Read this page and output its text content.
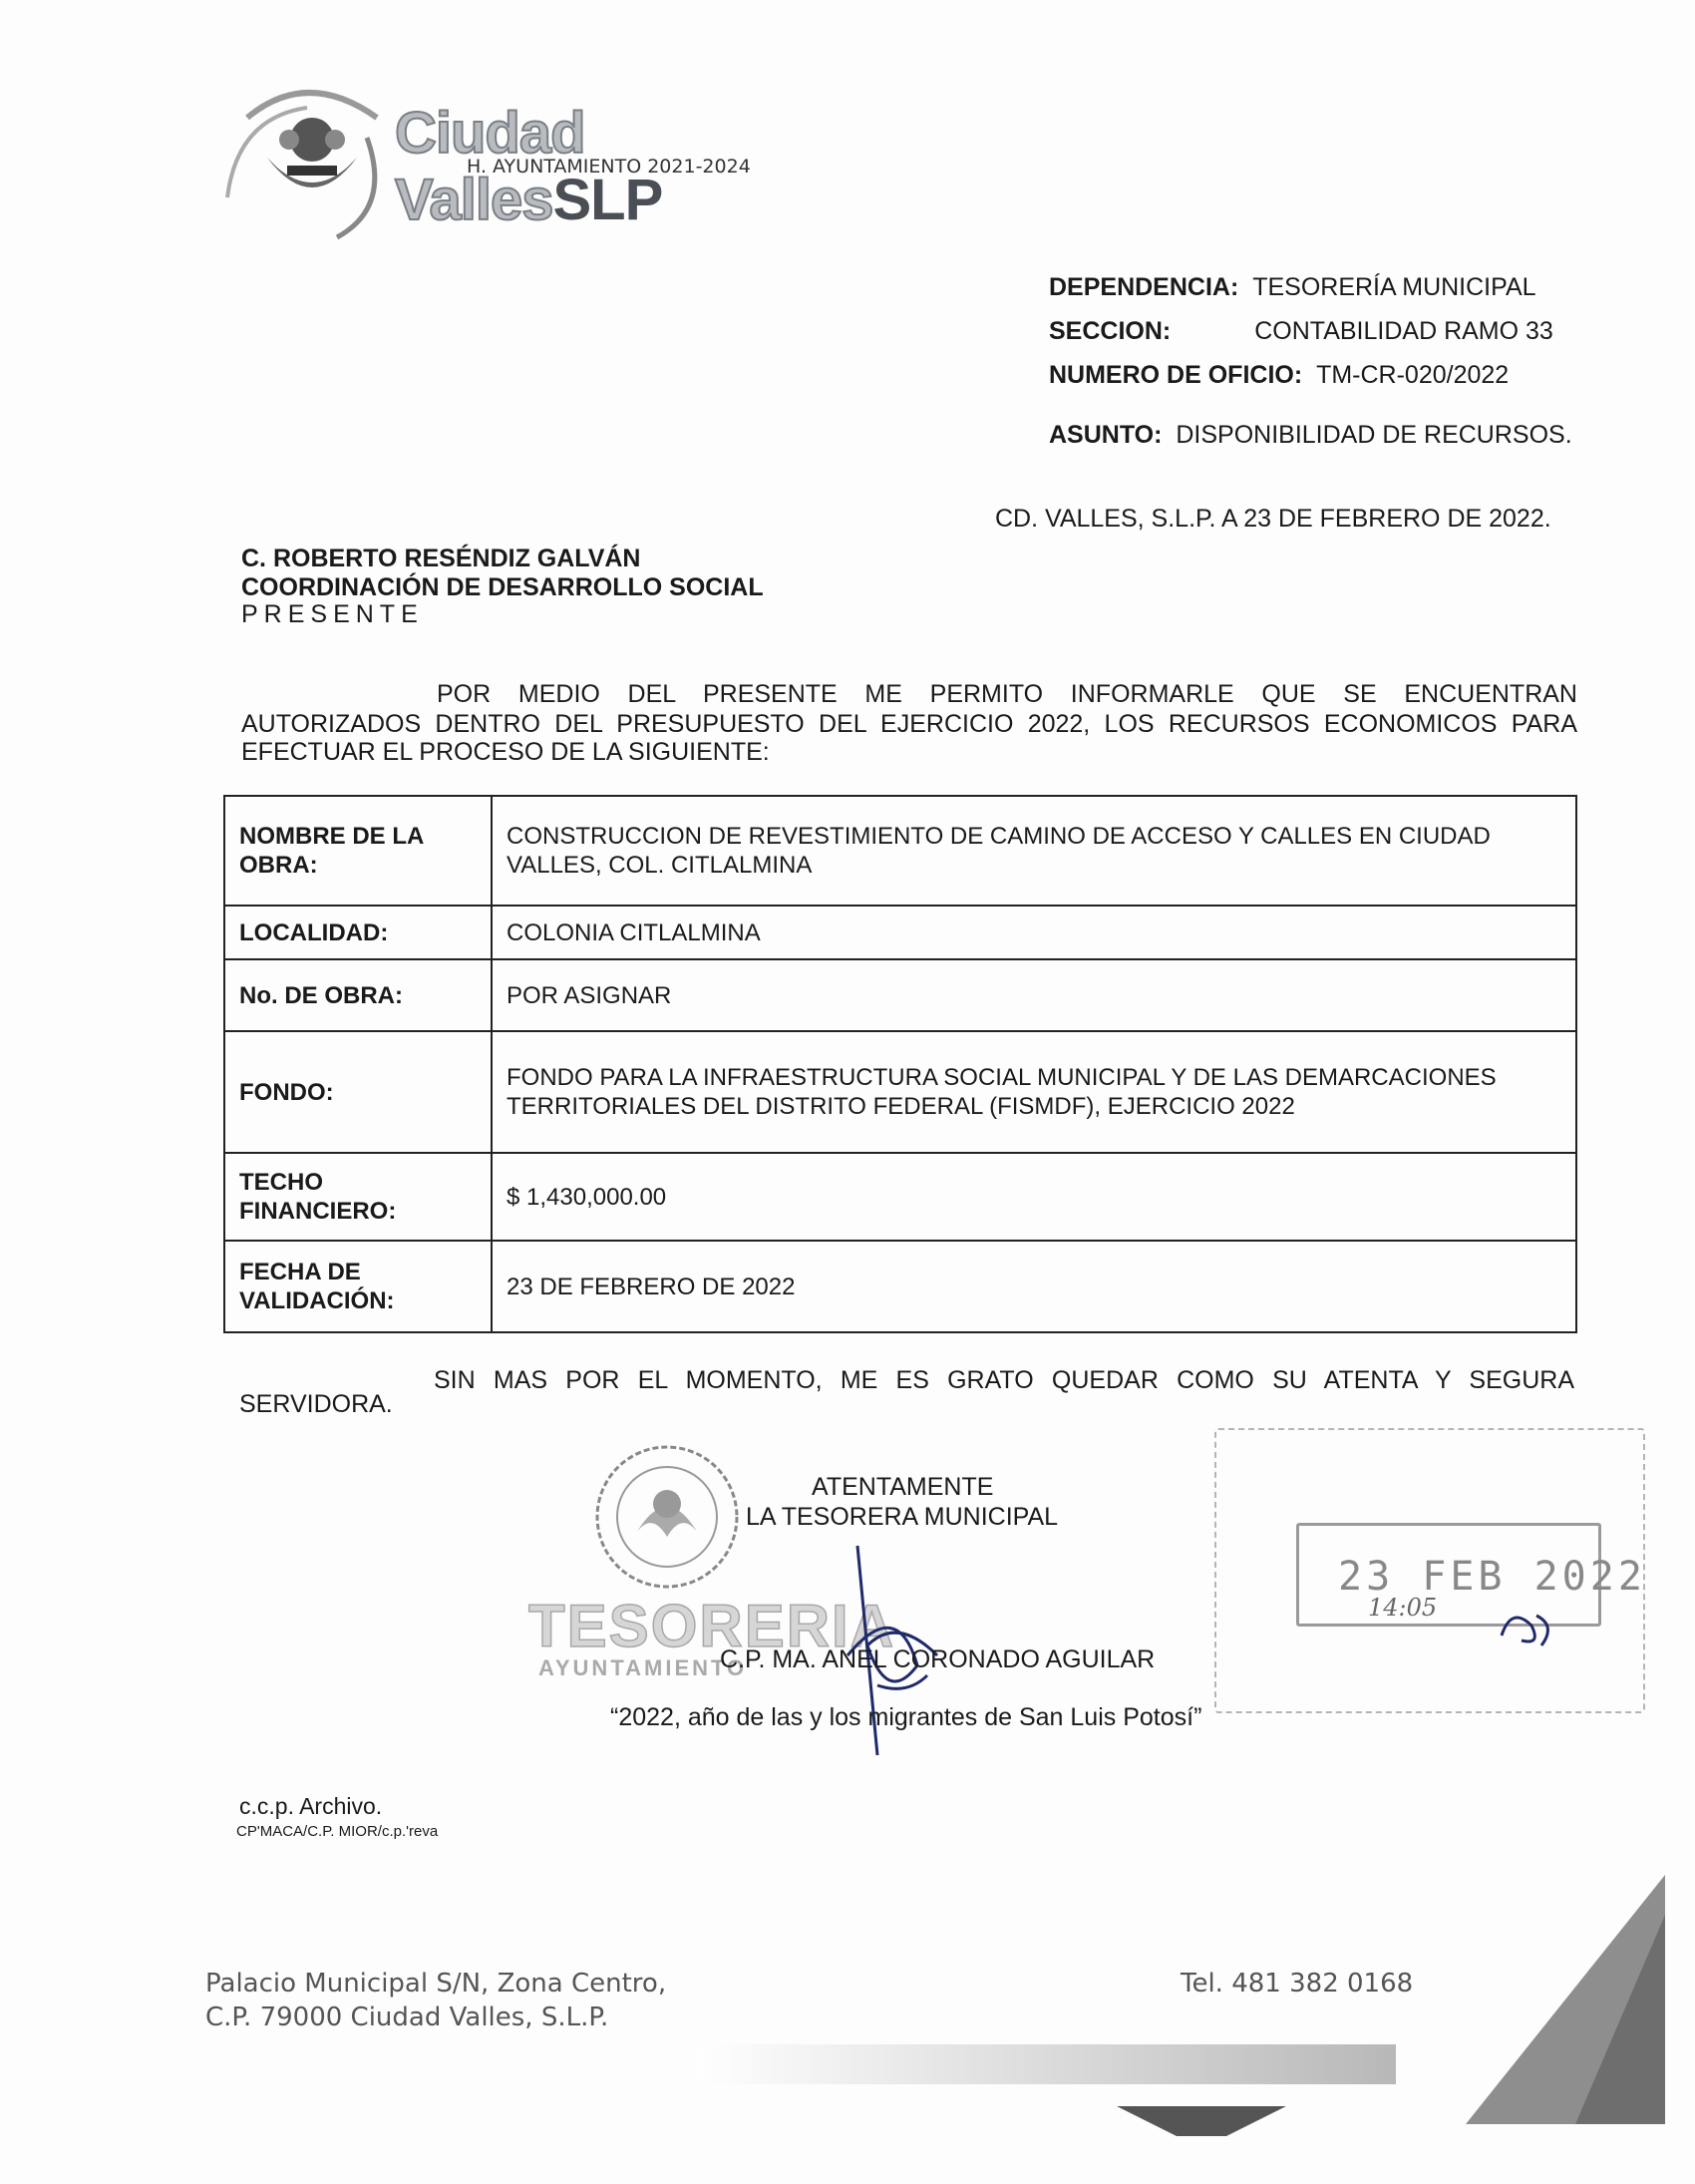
Ciudad VallesSLP
H. AYUNTAMIENTO 2021-2024
DEPENDENCIA: TESORERÍA MUNICIPAL
SECCION:	CONTABILIDAD RAMO 33
NUMERO DE OFICIO: TM-CR-020/2022
ASUNTO: DISPONIBILIDAD DE RECURSOS.
CD. VALLES, S.L.P. A 23 DE FEBRERO DE 2022.
C. ROBERTO RESÉNDIZ GALVÁN
COORDINACIÓN DE DESARROLLO SOCIAL
PRESENTE
POR MEDIO DEL PRESENTE ME PERMITO INFORMARLE QUE SE ENCUENTRAN
AUTORIZADOS DENTRO DEL PRESUPUESTO DEL EJERCICIO 2022, LOS RECURSOS ECONOMICOS PARA
EFECTUAR EL PROCESO DE LA SIGUIENTE:
NOMBRE DE LA OBRA:	CONSTRUCCION DE REVESTIMIENTO DE CAMINO DE ACCESO Y CALLES EN CIUDAD VALLES, COL. CITLALMINA
LOCALIDAD:	COLONIA CITLALMINA
No. DE OBRA:	POR ASIGNAR
FONDO:	FONDO PARA LA INFRAESTRUCTURA SOCIAL MUNICIPAL Y DE LAS DEMARCACIONES TERRITORIALES DEL DISTRITO FEDERAL (FISMDF), EJERCICIO 2022
TECHO FINANCIERO:	$ 1,430,000.00
FECHA DE VALIDACIÓN:	23 DE FEBRERO DE 2022
SIN MAS POR EL MOMENTO, ME ES GRATO QUEDAR COMO SU ATENTA Y SEGURA
SERVIDORA.
23 FEB 2022
14:05
ATENTAMENTE
LA TESORERA MUNICIPAL
TESORERIA
AYUNTAMIENTO
C.P. MA. ANEL CORONADO AGUILAR
“2022, año de las y los migrantes de San Luis Potosí”
c.c.p. Archivo.
CP'MACA/C.P. MIOR/c.p.'reva
Palacio Municipal S/N, Zona Centro,
C.P. 79000 Ciudad Valles, S.L.P.
Tel. 481 382 0168
